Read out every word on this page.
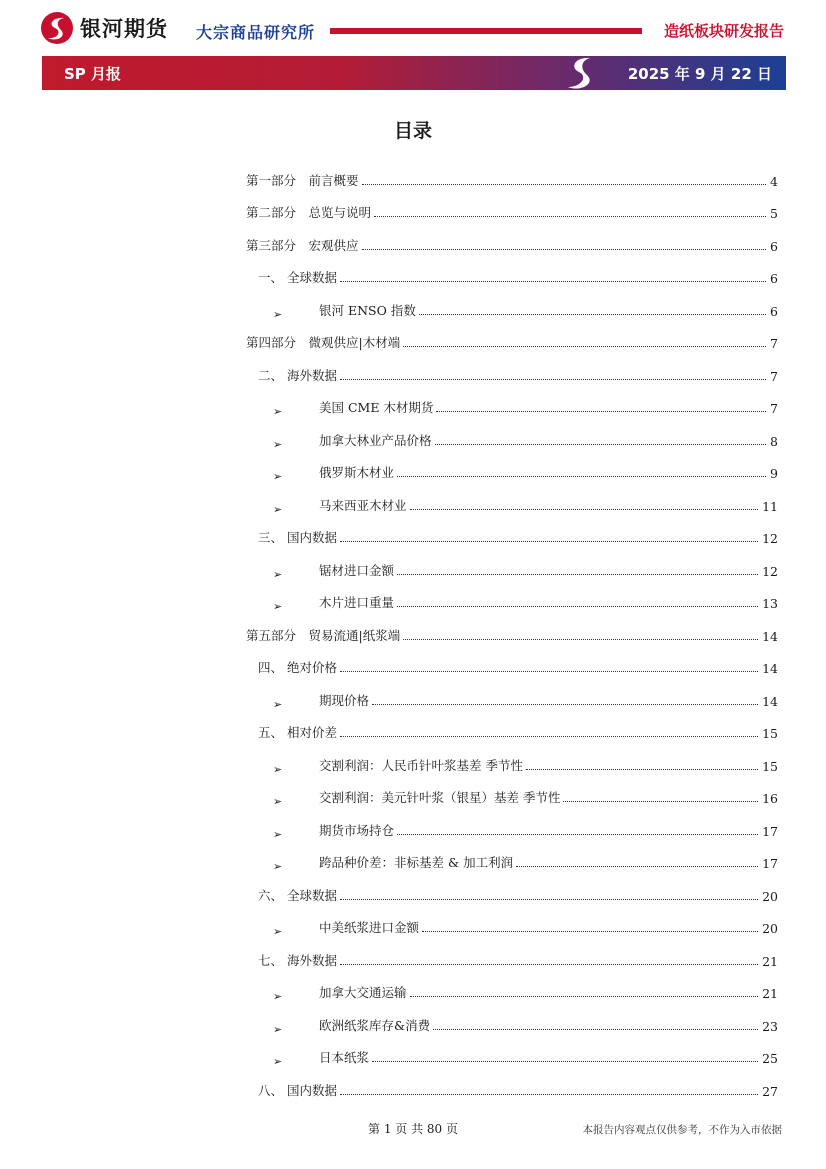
银河期货 大宗商品研究所	造纸板块研发报告
SP 月报	2025 年 9 月 22 日
目录
第一部分　前言概要	4
第二部分　总览与说明	5
第三部分　宏观供应	6
一、 全球数据	6
➢	银河 ENSO 指数	6
第四部分　微观供应|木材端	7
二、 海外数据	7
➢	美国 CME 木材期货	7
➢	加拿大林业产品价格	8
➢	俄罗斯木材业	9
➢	马来西亚木材业	11
三、 国内数据	12
➢	锯材进口金额	12
➢	木片进口重量	13
第五部分　贸易流通|纸浆端	14
四、 绝对价格	14
➢	期现价格	14
五、 相对价差	15
➢	交割利润：人民币针叶浆基差 季节性	15
➢	交割利润：美元针叶浆（银星）基差 季节性	16
➢	期货市场持仓	17
➢	跨品种价差：非标基差 & 加工利润	17
六、 全球数据	20
➢	中美纸浆进口金额	20
七、 海外数据	21
➢	加拿大交通运输	21
➢	欧洲纸浆库存&消费	23
➢	日本纸浆	25
八、 国内数据	27
第 1 页 共 80 页	本报告内容观点仅供参考，不作为入市依据
